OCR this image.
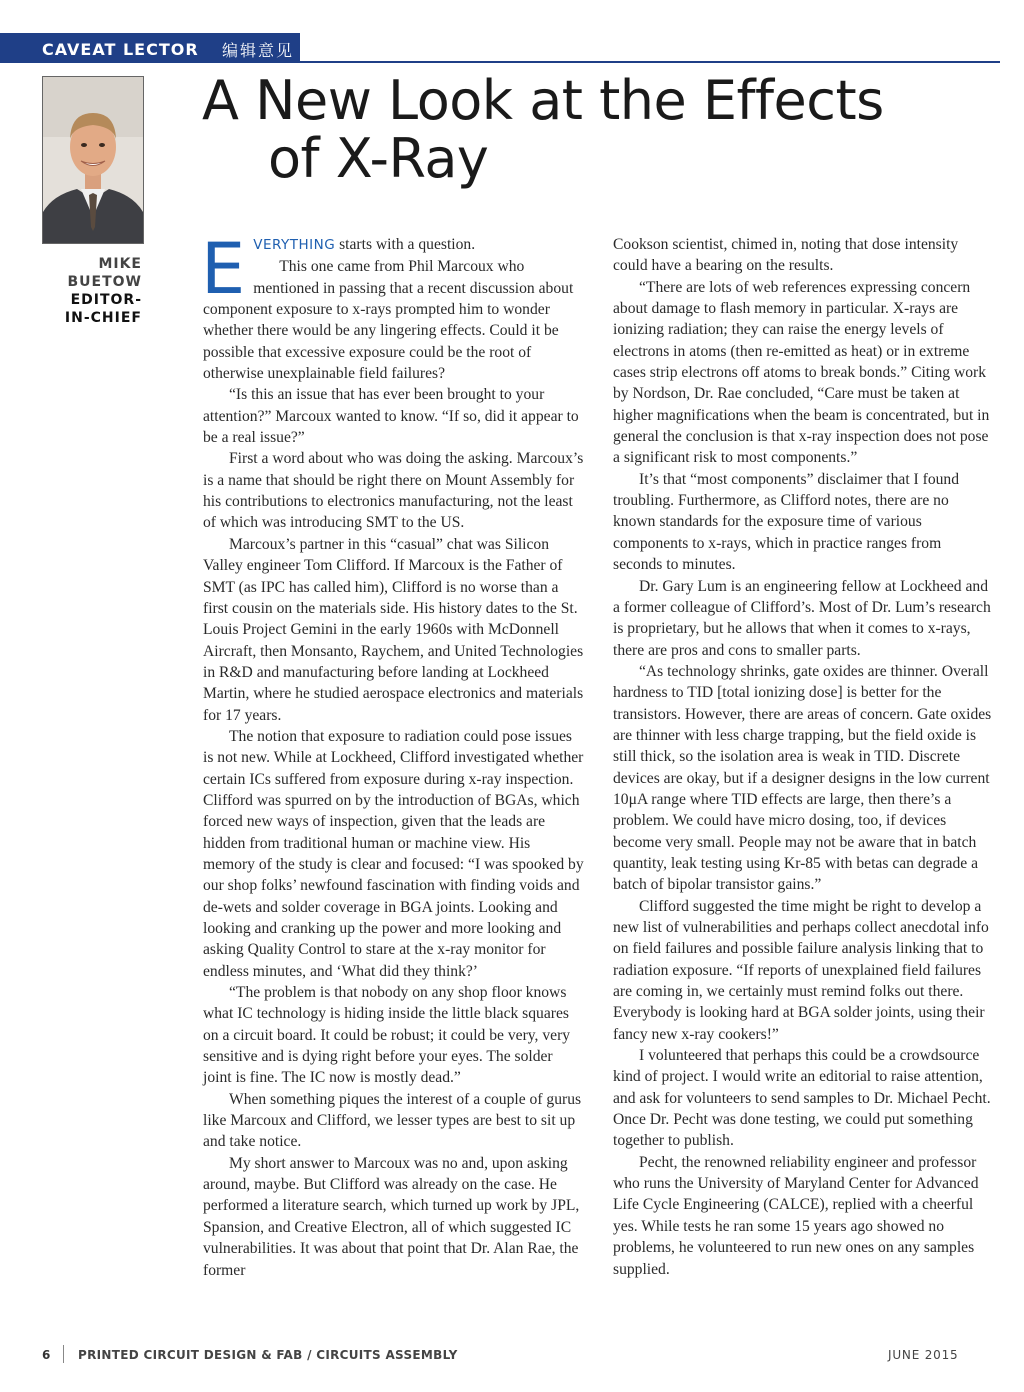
CAVEAT LECTOR 编辑意见
A New Look at the Effects
of X-Ray
MIKE
BUETOW
EDITOR-
IN-CHIEF

EVERYTHING starts with a question.

This one came from Phil Marcoux who mentioned in passing that a recent discussion about component exposure to x-rays prompted him to wonder whether there would be any lingering effects. Could it be possible that excessive exposure could be the root of otherwise unexplainable field failures?

“Is this an issue that has ever been brought to your attention?” Marcoux wanted to know. “If so, did it appear to be a real issue?”

First a word about who was doing the asking. Marcoux’s is a name that should be right there on Mount Assembly for his contributions to electronics manufacturing, not the least of which was introducing SMT to the US.

Marcoux’s partner in this “casual” chat was Silicon Valley engineer Tom Clifford. If Marcoux is the Father of SMT (as IPC has called him), Clifford is no worse than a first cousin on the materials side. His history dates to the St. Louis Project Gemini in the early 1960s with McDonnell Aircraft, then Monsanto, Raychem, and United Technologies in R&D and manufacturing before landing at Lockheed Martin, where he studied aerospace electronics and materials for 17 years.

The notion that exposure to radiation could pose issues is not new. While at Lockheed, Clifford investigated whether certain ICs suffered from exposure during x-ray inspection. Clifford was spurred on by the introduction of BGAs, which forced new ways of inspection, given that the leads are hidden from traditional human or machine view. His memory of the study is clear and focused: “I was spooked by our shop folks’ newfound fascination with finding voids and de-wets and solder coverage in BGA joints. Looking and looking and cranking up the power and more looking and asking Quality Control to stare at the x-ray monitor for endless minutes, and ‘What did they think?’

“The problem is that nobody on any shop floor knows what IC technology is hiding inside the little black squares on a circuit board. It could be robust; it could be very, very sensitive and is dying right before your eyes. The solder joint is fine. The IC now is mostly dead.”

When something piques the interest of a couple of gurus like Marcoux and Clifford, we lesser types are best to sit up and take notice.

My short answer to Marcoux was no and, upon asking around, maybe. But Clifford was already on the case. He performed a literature search, which turned up work by JPL, Spansion, and Creative Electron, all of which suggested IC vulnerabilities. It was about that point that Dr. Alan Rae, the former

Cookson scientist, chimed in, noting that dose intensity could have a bearing on the results.

“There are lots of web references expressing concern about damage to flash memory in particular. X-rays are ionizing radiation; they can raise the energy levels of electrons in atoms (then re-emitted as heat) or in extreme cases strip electrons off atoms to break bonds.” Citing work by Nordson, Dr. Rae concluded, “Care must be taken at higher magnifications when the beam is concentrated, but in general the conclusion is that x-ray inspection does not pose a significant risk to most components.”

It’s that “most components” disclaimer that I found troubling. Furthermore, as Clifford notes, there are no known standards for the exposure time of various components to x-rays, which in practice ranges from seconds to minutes.

Dr. Gary Lum is an engineering fellow at Lockheed and a former colleague of Clifford’s. Most of Dr. Lum’s research is proprietary, but he allows that when it comes to x-rays, there are pros and cons to smaller parts.

“As technology shrinks, gate oxides are thinner. Overall hardness to TID [total ionizing dose] is better for the transistors. However, there are areas of concern. Gate oxides are thinner with less charge trapping, but the field oxide is still thick, so the isolation area is weak in TID. Discrete devices are okay, but if a designer designs in the low current 10μA range where TID effects are large, then there’s a problem. We could have micro dosing, too, if devices become very small. People may not be aware that in batch quantity, leak testing using Kr-85 with betas can degrade a batch of bipolar transistor gains.”

Clifford suggested the time might be right to develop a new list of vulnerabilities and perhaps collect anecdotal info on field failures and possible failure analysis linking that to radiation exposure. “If reports of unexplained field failures are coming in, we certainly must remind folks out there. Everybody is looking hard at BGA solder joints, using their fancy new x-ray cookers!”

I volunteered that perhaps this could be a crowdsource kind of project. I would write an editorial to raise attention, and ask for volunteers to send samples to Dr. Michael Pecht. Once Dr. Pecht was done testing, we could put something together to publish.

Pecht, the renowned reliability engineer and professor who runs the University of Maryland Center for Advanced Life Cycle Engineering (CALCE), replied with a cheerful yes. While tests he ran some 15 years ago showed no problems, he volunteered to run new ones on any samples supplied.

6 PRINTED CIRCUIT DESIGN & FAB / CIRCUITS ASSEMBLY	JUNE 2015
